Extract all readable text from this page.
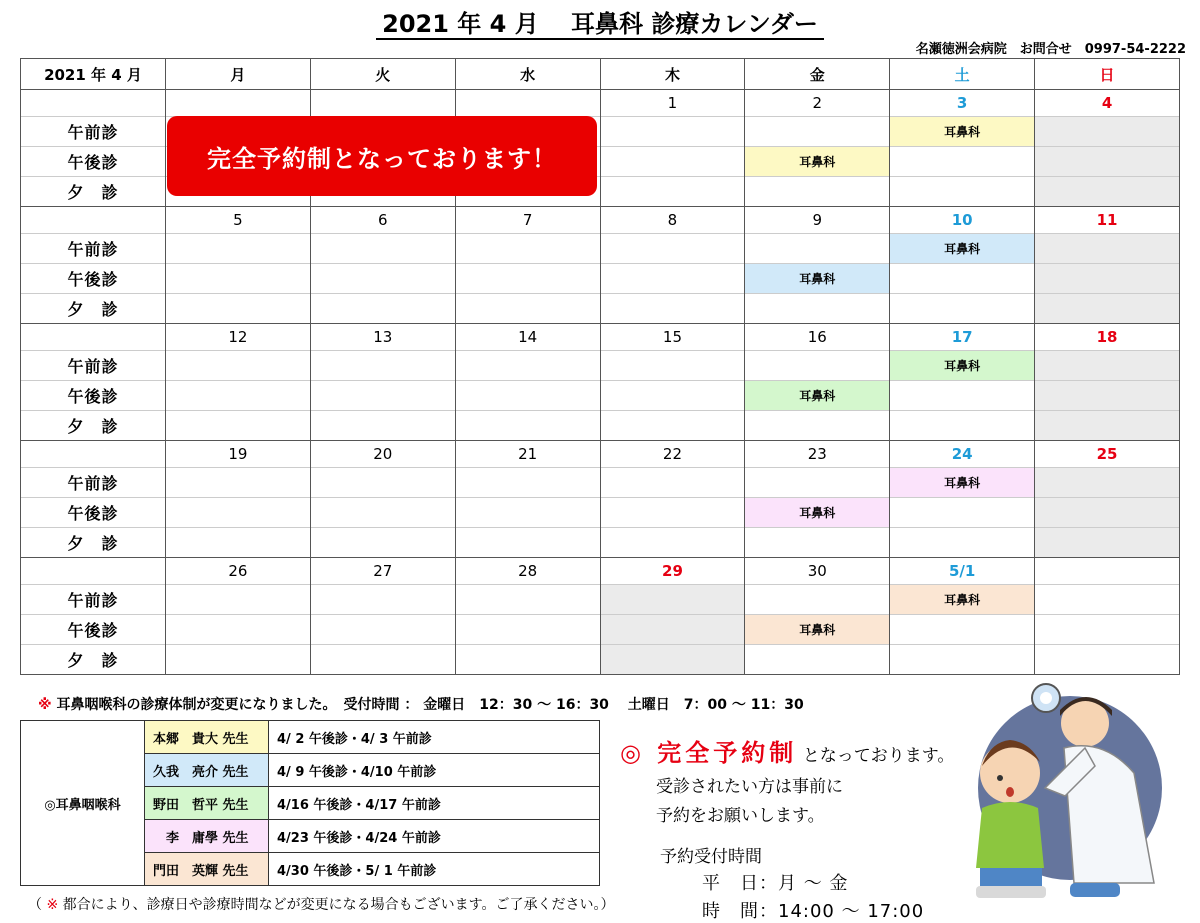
2021 年 4 月　 耳鼻科 診療カレンダー
名瀬徳洲会病院　お問合せ　0997-54-2222
2021 年 4 月	月	火	水	木	金	土	日
				1	2	3	4
午前診						耳鼻科	
午後診					耳鼻科		
夕　診							
	5	6	7	8	9	10	11
午前診						耳鼻科	
午後診					耳鼻科		
夕　診							
	12	13	14	15	16	17	18
午前診						耳鼻科	
午後診					耳鼻科		
夕　診							
	19	20	21	22	23	24	25
午前診						耳鼻科	
午後診					耳鼻科		
夕　診							
	26	27	28	29	30	5/1	
午前診						耳鼻科	
午後診					耳鼻科		
夕　診							
完全予約制となっております！
※ 耳鼻咽喉科の診療体制が変更になりました。　受付時間 ： 金曜日　12：30 ～ 16：30　 土曜日　7：00 ～ 11：30
◎耳鼻咽喉科	本郷　貴大 先生	4/ 2 午後診・4/ 3 午前診
	久我　亮介 先生	4/ 9 午後診・4/10 午前診
	野田　哲平 先生	4/16 午後診・4/17 午前診
	　李　庸學 先生	4/23 午後診・4/24 午前診
	門田　英輝 先生	4/30 午後診・5/ 1 午前診
◎ 完全予約制 となっております。
受診されたい方は事前に
予約をお願いします。
予約受付時間
平　日：月 ～ 金
時　間：14:00 ～ 17:00
（ ※ 都合により、診療日や診療時間などが変更になる場合もございます。ご了承ください。）
